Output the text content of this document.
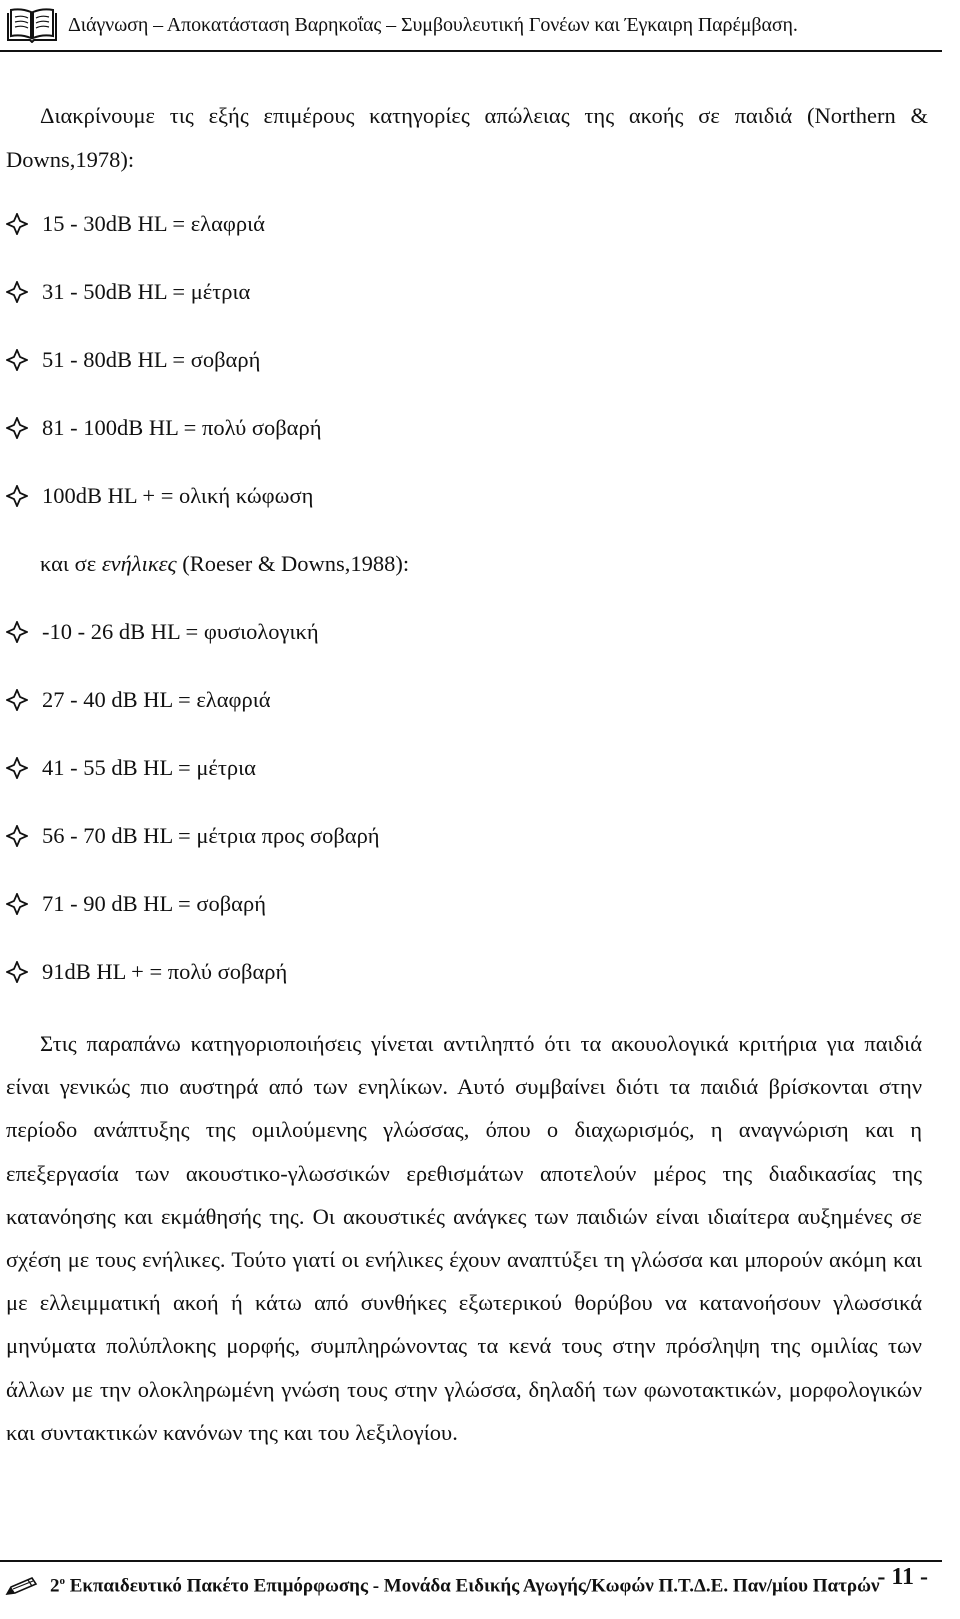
Διάγνωση – Αποκατάσταση Βαρηκοΐας – Συμβουλευτική Γονέων και Έγκαιρη Παρέμβαση.

Διακρίνουμε τις εξής επιμέρους κατηγορίες απώλειας της ακοής σε παιδιά (Northern & Downs,1978):

15 - 30dB HL = ελαφριά
31 - 50dB HL = μέτρια
51 - 80dB HL = σοβαρή
81 - 100dB HL = πολύ σοβαρή
100dB HL + = ολική κώφωση
και σε ενήλικες (Roeser & Downs,1988):
-10 - 26 dB HL = φυσιολογική
27 - 40 dB HL = ελαφριά
41 - 55 dB HL = μέτρια
56 - 70 dB HL = μέτρια προς σοβαρή
71 - 90 dB HL = σοβαρή
91dB HL + = πολύ σοβαρή

Στις παραπάνω κατηγοριοποιήσεις γίνεται αντιληπτό ότι τα ακουολογικά κριτήρια για παιδιά είναι γενικώς πιο αυστηρά από των ενηλίκων. Αυτό συμβαίνει διότι τα παιδιά βρίσκονται στην περίοδο ανάπτυξης της ομιλούμενης γλώσσας, όπου ο διαχωρισμός, η αναγνώριση και η επεξεργασία των ακουστικο-γλωσσικών ερεθισμάτων αποτελούν μέρος της διαδικασίας της κατανόησης και εκμάθησής της. Οι ακουστικές ανάγκες των παιδιών είναι ιδιαίτερα αυξημένες σε σχέση με τους ενήλικες. Τούτο γιατί οι ενήλικες έχουν αναπτύξει τη γλώσσα και μπορούν ακόμη και με ελλειμματική ακοή ή κάτω από συνθήκες εξωτερικού θορύβου να κατανοήσουν γλωσσικά μηνύματα πολύπλοκης μορφής, συμπληρώνοντας τα κενά τους στην πρόσληψη της ομιλίας των άλλων με την ολοκληρωμένη γνώση τους στην γλώσσα, δηλαδή των φωνοτακτικών, μορφολογικών και συντακτικών κανόνων της και του λεξιλογίου.

$2^o$ Εκπαιδευτικό Πακέτο Επιμόρφωσης - Μονάδα Ειδικής Αγωγής/Κωφών Π.Τ.Δ.Ε. Παν/μίου Πατρών
- 11 -
